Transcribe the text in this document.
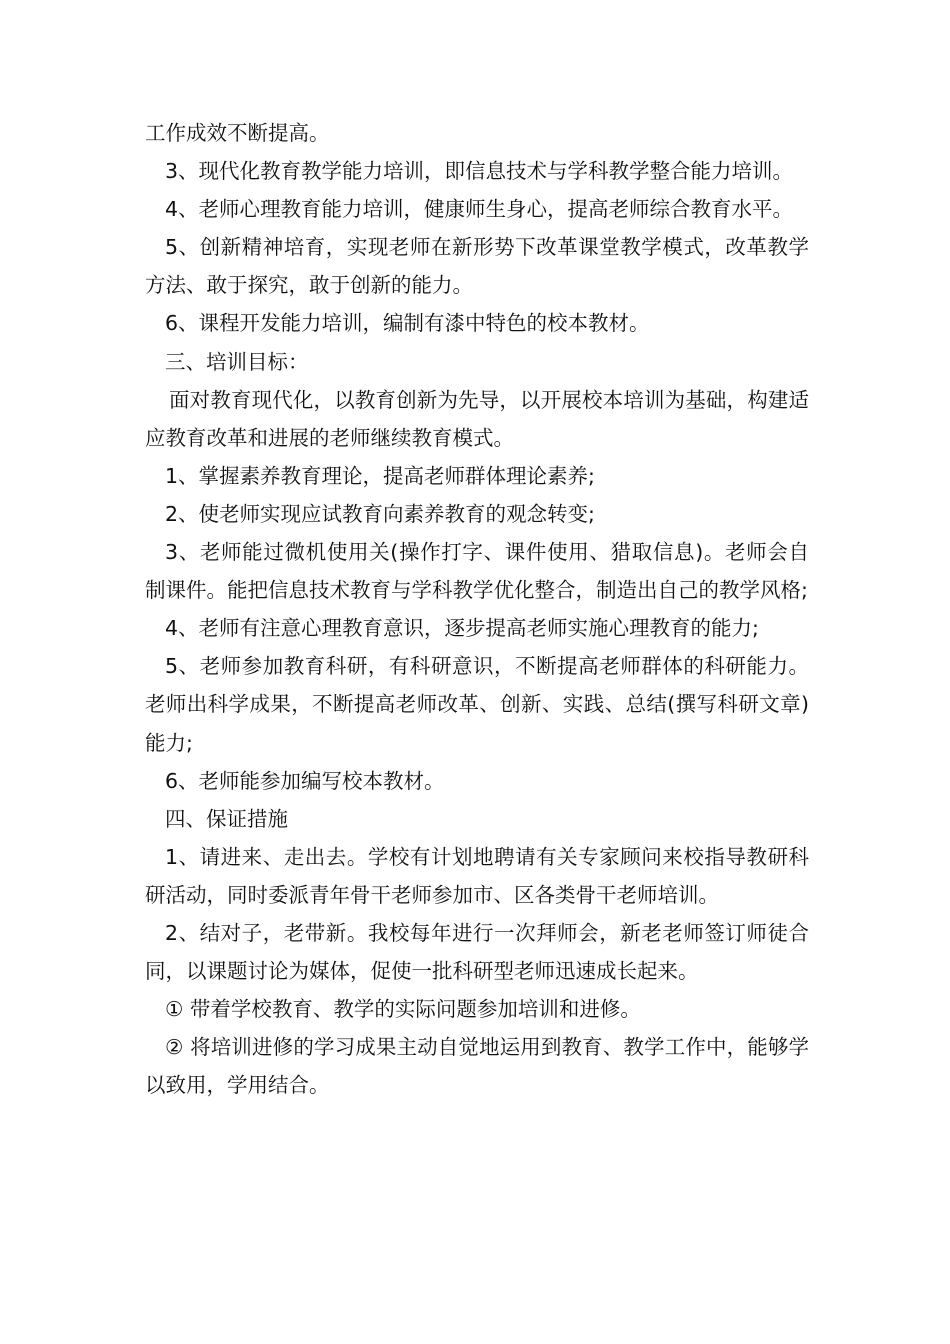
工作成效不断提高。

3、现代化教育教学能力培训，即信息技术与学科教学整合能力培训。

4、老师心理教育能力培训，健康师生身心，提高老师综合教育水平。

5、创新精神培育，实现老师在新形势下改革课堂教学模式，改革教学方法、敢于探究，敢于创新的能力。

6、课程开发能力培训，编制有漆中特色的校本教材。

三、培训目标：

面对教育现代化，以教育创新为先导，以开展校本培训为基础，构建适应教育改革和进展的老师继续教育模式。

1、掌握素养教育理论，提高老师群体理论素养;

2、使老师实现应试教育向素养教育的观念转变;

3、老师能过微机使用关(操作打字、课件使用、猎取信息)。老师会自制课件。能把信息技术教育与学科教学优化整合，制造出自己的教学风格;

4、老师有注意心理教育意识，逐步提高老师实施心理教育的能力;

5、老师参加教育科研，有科研意识，不断提高老师群体的科研能力。老师出科学成果，不断提高老师改革、创新、实践、总结(撰写科研文章)能力;

6、老师能参加编写校本教材。

四、保证措施

1、请进来、走出去。学校有计划地聘请有关专家顾问来校指导教研科研活动，同时委派青年骨干老师参加市、区各类骨干老师培训。

2、结对子，老带新。我校每年进行一次拜师会，新老老师签订师徒合同，以课题讨论为媒体，促使一批科研型老师迅速成长起来。

① 带着学校教育、教学的实际问题参加培训和进修。

② 将培训进修的学习成果主动自觉地运用到教育、教学工作中，能够学以致用，学用结合。
